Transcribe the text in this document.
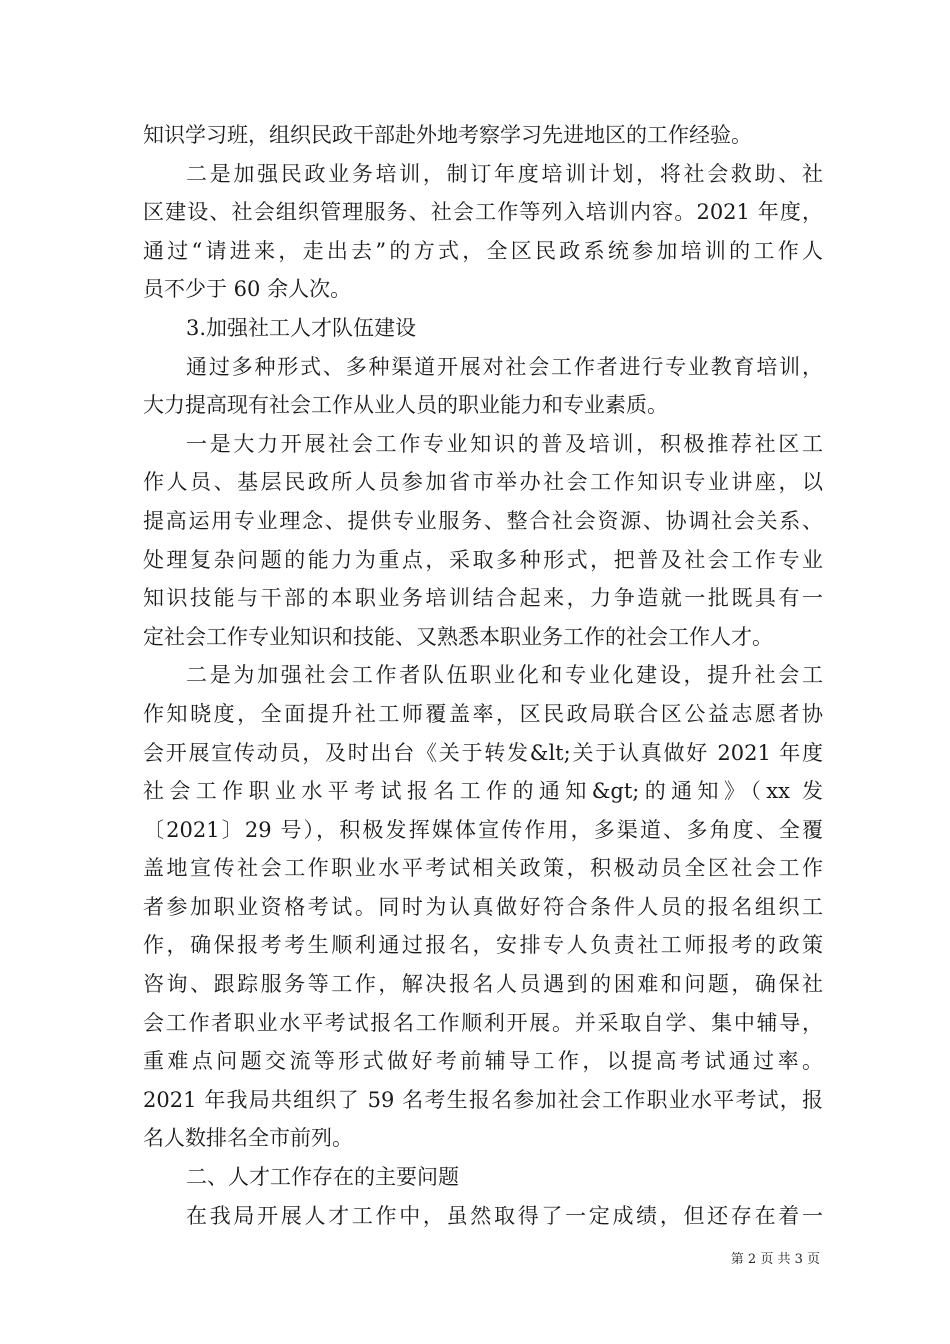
知识学习班，组织民政干部赴外地考察学习先进地区的工作经验。
二是加强民政业务培训，制订年度培训计划，将社会救助、社
区建设、社会组织管理服务、社会工作等列入培训内容。2021 年度，
通过“请进来，走出去”的方式，全区民政系统参加培训的工作人
员不少于 60 余人次。
3.加强社工人才队伍建设
通过多种形式、多种渠道开展对社会工作者进行专业教育培训，
大力提高现有社会工作从业人员的职业能力和专业素质。
一是大力开展社会工作专业知识的普及培训，积极推荐社区工
作人员、基层民政所人员参加省市举办社会工作知识专业讲座，以
提高运用专业理念、提供专业服务、整合社会资源、协调社会关系、
处理复杂问题的能力为重点，采取多种形式，把普及社会工作专业
知识技能与干部的本职业务培训结合起来，力争造就一批既具有一
定社会工作专业知识和技能、又熟悉本职业务工作的社会工作人才。
二是为加强社会工作者队伍职业化和专业化建设，提升社会工
作知晓度，全面提升社工师覆盖率，区民政局联合区公益志愿者协
会开展宣传动员，及时出台《关于转发&lt;关于认真做好 2021 年度
社会工作职业水平考试报名工作的通知&gt;的通知》（xx 发
〔2021〕29 号），积极发挥媒体宣传作用，多渠道、多角度、全覆
盖地宣传社会工作职业水平考试相关政策，积极动员全区社会工作
者参加职业资格考试。同时为认真做好符合条件人员的报名组织工
作，确保报考考生顺利通过报名，安排专人负责社工师报考的政策
咨询、跟踪服务等工作，解决报名人员遇到的困难和问题，确保社
会工作者职业水平考试报名工作顺利开展。并采取自学、集中辅导，
重难点问题交流等形式做好考前辅导工作，以提高考试通过率。
2021 年我局共组织了 59 名考生报名参加社会工作职业水平考试，报
名人数排名全市前列。
二、人才工作存在的主要问题
在我局开展人才工作中，虽然取得了一定成绩，但还存在着一
第 2 页 共 3 页
